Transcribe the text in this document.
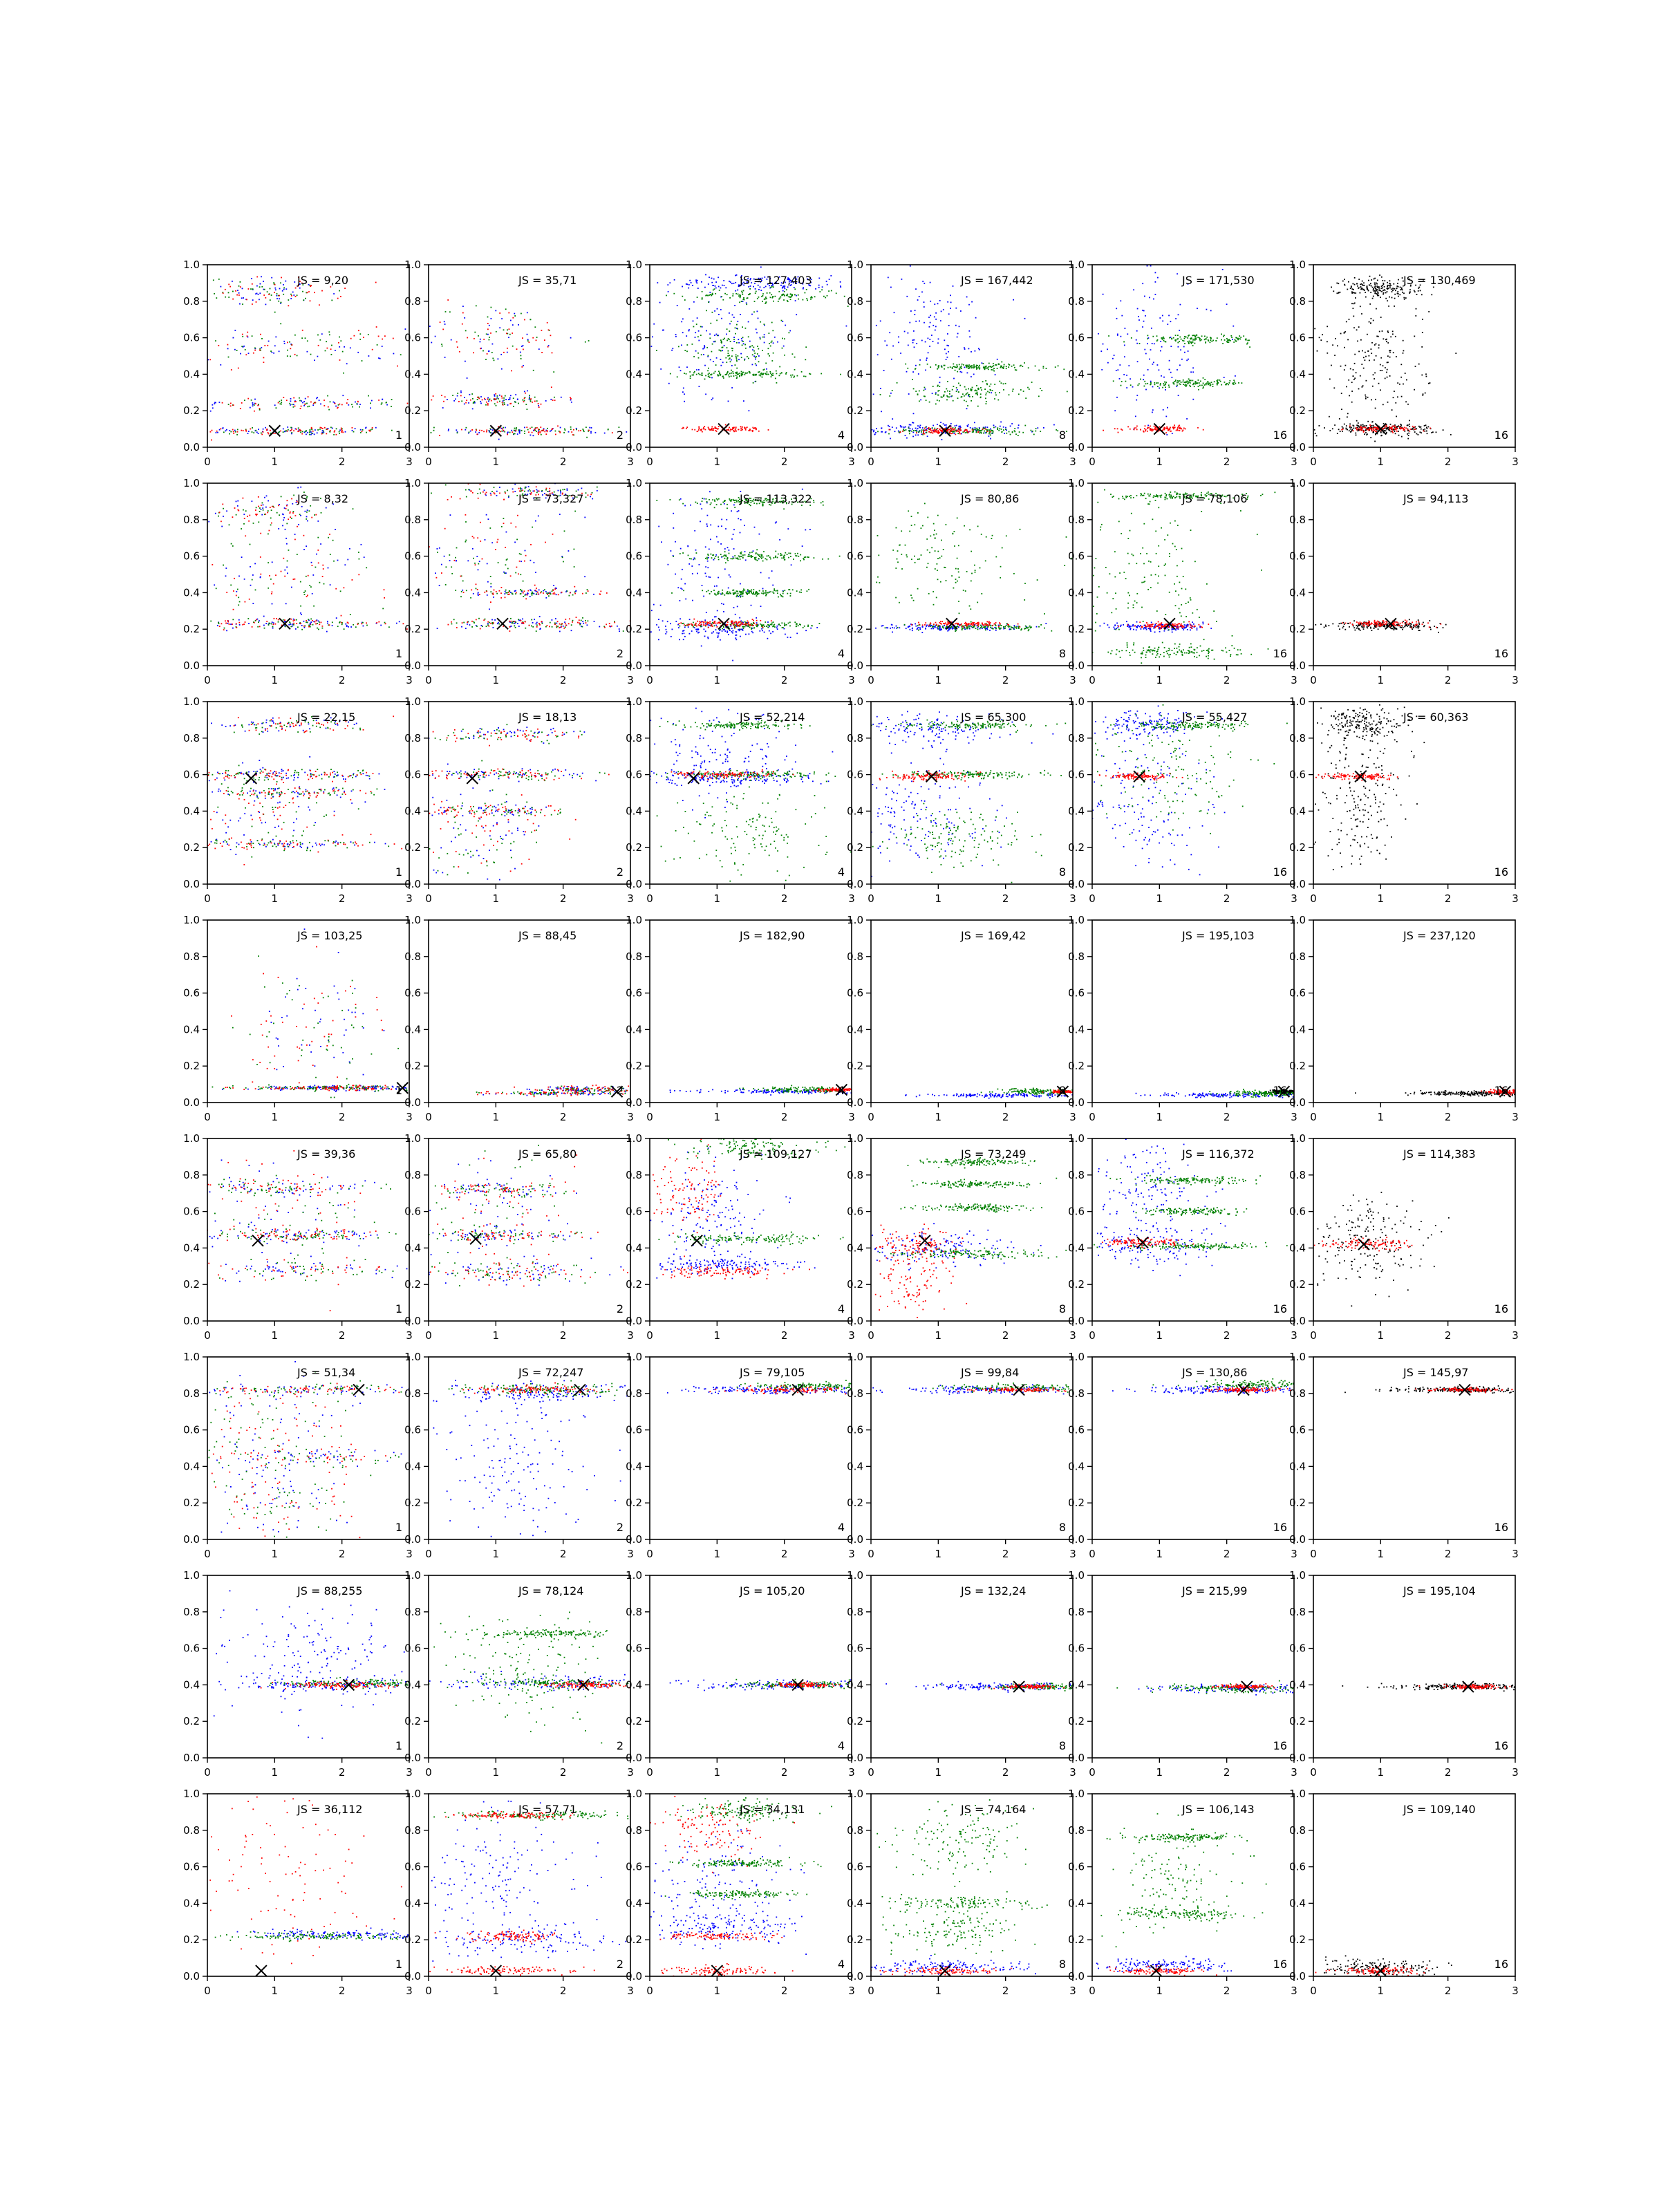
0	1	2	3
0.0
0.2
0.4
0.6
0.8
1.0
JS = 9,20
1
0	1	2	3
0.0
0.2
0.4
0.6
0.8
1.0
JS = 35,71
2
0	1	2	3
0.0
0.2
0.4
0.6
0.8
1.0
JS = 127,403
4
0	1	2	3
0.0
0.2
0.4
0.6
0.8
1.0
JS = 167,442
8
0	1	2	3
0.0
0.2
0.4
0.6
0.8
1.0
JS = 171,530
16
0	1	2	3
0.0
0.2
0.4
0.6
0.8
1.0
JS = 130,469
16
0	1	2	3
0.0
0.2
0.4
0.6
0.8
1.0
JS = 8,32
1
0	1	2	3
0.0
0.2
0.4
0.6
0.8
1.0
JS = 73,327
2
0	1	2	3
0.0
0.2
0.4
0.6
0.8
1.0
JS = 113,322
4
0	1	2	3
0.0
0.2
0.4
0.6
0.8
1.0
JS = 80,86
8
0	1	2	3
0.0
0.2
0.4
0.6
0.8
1.0
JS = 78,106
16
0	1	2	3
0.0
0.2
0.4
0.6
0.8
1.0
JS = 94,113
16
0	1	2	3
0.0
0.2
0.4
0.6
0.8
1.0
JS = 22,15
1
0	1	2	3
0.0
0.2
0.4
0.6
0.8
1.0
JS = 18,13
2
0	1	2	3
0.0
0.2
0.4
0.6
0.8
1.0
JS = 52,214
4
0	1	2	3
0.0
0.2
0.4
0.6
0.8
1.0
JS = 65,300
8
0	1	2	3
0.0
0.2
0.4
0.6
0.8
1.0
JS = 55,427
16
0	1	2	3
0.0
0.2
0.4
0.6
0.8
1.0
JS = 60,363
16
0	1	2	3
0.0
0.2
0.4
0.6
0.8
1.0
JS = 103,25
1
0	1	2	3
0.0
0.2
0.4
0.6
0.8
1.0
JS = 88,45
2
0	1	2	3
0.0
0.2
0.4
0.6
0.8
1.0
JS = 182,90
4
0	1	2	3
0.0
0.2
0.4
0.6
0.8
1.0
JS = 169,42
8
0	1	2	3
0.0
0.2
0.4
0.6
0.8
1.0
JS = 195,103
16
0	1	2	3
0.0
0.2
0.4
0.6
0.8
1.0
JS = 237,120
16
0	1	2	3
0.0
0.2
0.4
0.6
0.8
1.0
JS = 39,36
1
0	1	2	3
0.0
0.2
0.4
0.6
0.8
1.0
JS = 65,80
2
0	1	2	3
0.0
0.2
0.4
0.6
0.8
1.0
JS = 109,127
4
0	1	2	3
0.0
0.2
0.4
0.6
0.8
1.0
JS = 73,249
8
0	1	2	3
0.0
0.2
0.4
0.6
0.8
1.0
JS = 116,372
16
0	1	2	3
0.0
0.2
0.4
0.6
0.8
1.0
JS = 114,383
16
0	1	2	3
0.0
0.2
0.4
0.6
0.8
1.0
JS = 51,34
1
0	1	2	3
0.0
0.2
0.4
0.6
0.8
1.0
JS = 72,247
2
0	1	2	3
0.0
0.2
0.4
0.6
0.8
1.0
JS = 79,105
4
0	1	2	3
0.0
0.2
0.4
0.6
0.8
1.0
JS = 99,84
8
0	1	2	3
0.0
0.2
0.4
0.6
0.8
1.0
JS = 130,86
16
0	1	2	3
0.0
0.2
0.4
0.6
0.8
1.0
JS = 145,97
16
0	1	2	3
0.0
0.2
0.4
0.6
0.8
1.0
JS = 88,255
1
0	1	2	3
0.0
0.2
0.4
0.6
0.8
1.0
JS = 78,124
2
0	1	2	3
0.0
0.2
0.4
0.6
0.8
1.0
JS = 105,20
4
0	1	2	3
0.0
0.2
0.4
0.6
0.8
1.0
JS = 132,24
8
0	1	2	3
0.0
0.2
0.4
0.6
0.8
1.0
JS = 215,99
16
0	1	2	3
0.0
0.2
0.4
0.6
0.8
1.0
JS = 195,104
16
0	1	2	3
0.0
0.2
0.4
0.6
0.8
1.0
JS = 36,112
1
0	1	2	3
0.0
0.2
0.4
0.6
0.8
1.0
JS = 57,71
2
0	1	2	3
0.0
0.2
0.4
0.6
0.8
1.0
JS = 34,131
4
0	1	2	3
0.0
0.2
0.4
0.6
0.8
1.0
JS = 74,164
8
0	1	2	3
0.0
0.2
0.4
0.6
0.8
1.0
JS = 106,143
16
0	1	2	3
0.0
0.2
0.4
0.6
0.8
1.0
JS = 109,140
16
